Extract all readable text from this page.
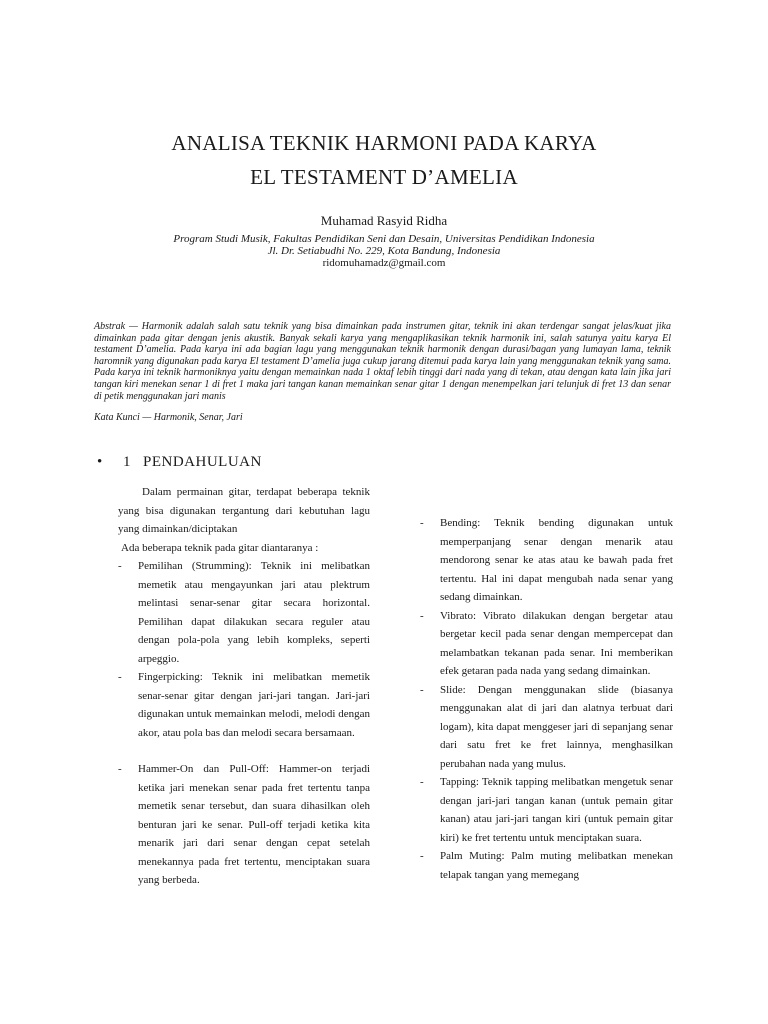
ANALISA TEKNIK HARMONI PADA KARYA
EL TESTAMENT D’AMELIA
Muhamad Rasyid Ridha
Program Studi Musik, Fakultas Pendidikan Seni dan Desain, Universitas Pendidikan Indonesia
Jl. Dr. Setiabudhi No. 229, Kota Bandung, Indonesia
ridomuhamadz@gmail.com

Abstrak — Harmonik adalah salah satu teknik yang bisa dimainkan pada instrumen gitar, teknik ini akan terdengar sangat jelas/kuat jika dimainkan pada gitar dengan jenis akustik. Banyak sekali karya yang mengaplikasikan teknik harmonik ini, salah satunya yaitu karya El testament D’amelia. Pada karya ini ada bagian lagu yang menggunakan teknik harmonik dengan durasi/bagan yang lumayan lama, teknik haromnik yang digunakan pada karya El testament D’amelia juga cukup jarang ditemui pada karya lain yang menggunakan teknik yang sama. Pada karya ini teknik harmoniknya yaitu dengan memainkan nada 1 oktaf lebih tinggi dari nada yang di tekan, atau dengan kata lain jika jari tangan kiri menekan senar 1 di fret 1 maka jari tangan kanan memainkan senar gitar 1 dengan menempelkan jari telunjuk di fret 13 dan senar di petik menggunakan jari manis

Kata Kunci — Harmonik, Senar, Jari
• 1 PENDAHULUAN

Dalam permainan gitar, terdapat beberapa teknik yang bisa digunakan tergantung dari kebutuhan lagu yang dimainkan/diciptakan

Ada beberapa teknik pada gitar diantaranya :

- Pemilihan (Strumming): Teknik ini melibatkan memetik atau mengayunkan jari atau plektrum melintasi senar-senar gitar secara horizontal. Pemilihan dapat dilakukan secara reguler atau dengan pola-pola yang lebih kompleks, seperti arpeggio.
- Fingerpicking: Teknik ini melibatkan memetik senar-senar gitar dengan jari-jari tangan. Jari-jari digunakan untuk memainkan melodi, melodi dengan akor, atau pola bas dan melodi secara bersamaan.
- Hammer-On dan Pull-Off: Hammer-on terjadi ketika jari menekan senar pada fret tertentu tanpa memetik senar tersebut, dan suara dihasilkan oleh benturan jari ke senar. Pull-off terjadi ketika kita menarik jari dari senar dengan cepat setelah menekannya pada fret tertentu, menciptakan suara yang berbeda.
- Bending: Teknik bending digunakan untuk memperpanjang senar dengan menarik atau mendorong senar ke atas atau ke bawah pada fret tertentu. Hal ini dapat mengubah nada senar yang sedang dimainkan.
- Vibrato: Vibrato dilakukan dengan bergetar atau bergetar kecil pada senar dengan mempercepat dan melambatkan tekanan pada senar. Ini memberikan efek getaran pada nada yang sedang dimainkan.
- Slide: Dengan menggunakan slide (biasanya menggunakan alat di jari dan alatnya terbuat dari logam), kita dapat menggeser jari di sepanjang senar dari satu fret ke fret lainnya, menghasilkan perubahan nada yang mulus.
- Tapping: Teknik tapping melibatkan mengetuk senar dengan jari-jari tangan kanan (untuk pemain gitar kanan) atau jari-jari tangan kiri (untuk pemain gitar kiri) ke fret tertentu untuk menciptakan suara.
- Palm Muting: Palm muting melibatkan menekan telapak tangan yang memegang
